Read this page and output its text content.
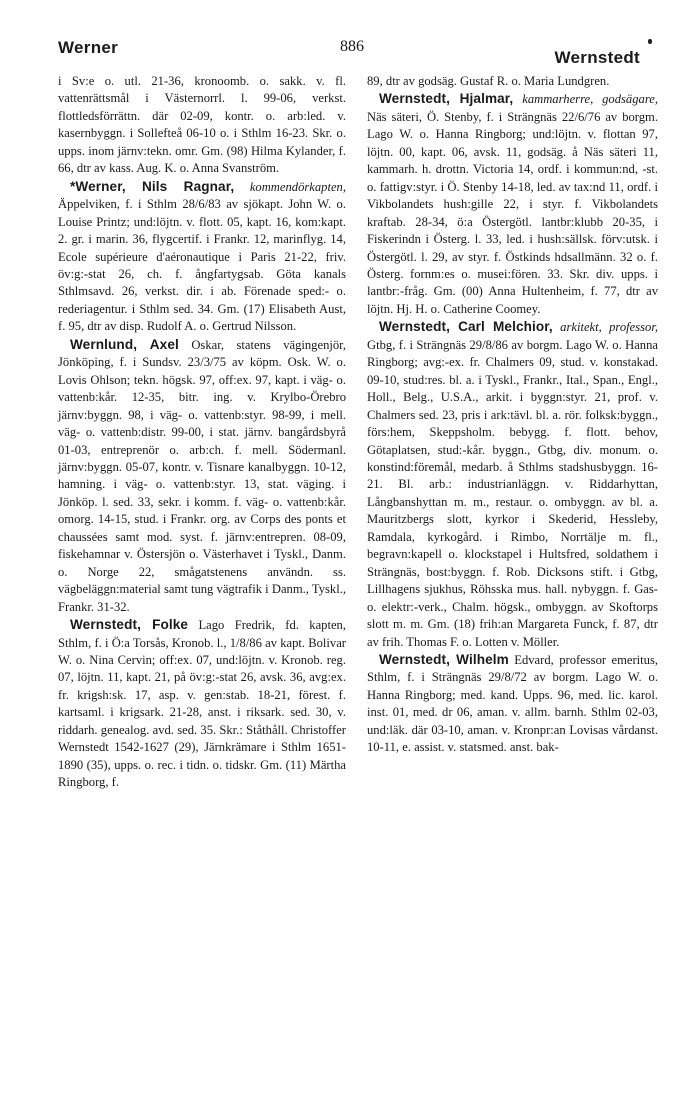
Werner	886
Wernstedt

i Sv:e o. utl. 21-36, kronoomb. o. sakk. v. fl. vattenrättsmål i Västernorrl. l. 99-06, verkst. flottledsförrättn. där 02-09, kontr. o. arb:led. v. kasernbyggn. i Sollefteå 06-10 o. i Sthlm 16-23. Skr. o. upps. inom järnv:tekn. omr. Gm. (98) Hilma Kylander, f. 66, dtr av kass. Aug. K. o. Anna Svanström.

*Werner, Nils Ragnar, kommendörkapten, Äppelviken, f. i Sthlm 28/6/83 av sjökapt. John W. o. Louise Printz; und:löjtn. v. flott. 05, kapt. 16, kom:kapt. 2. gr. i marin. 36, flygcertif. i Frankr. 12, marinflyg. 14, Ecole supérieure d'aéronautique i Paris 21-22, friv. öv:g:-stat 26, ch. f. ångfartygsab. Göta kanals Sthlmsavd. 26, verkst. dir. i ab. Förenade sped:- o. rederiagentur. i Sthlm sed. 34. Gm. (17) Elisabeth Aust, f. 95, dtr av disp. Rudolf A. o. Gertrud Nilsson.

Wernlund, Axel Oskar, statens vägingenjör, Jönköping, f. i Sundsv. 23/3/75 av köpm. Osk. W. o. Lovis Ohlson; tekn. högsk. 97, off:ex. 97, kapt. i väg- o. vattenb:kår. 12-35, bitr. ing. v. Krylbo-Örebro järnv:byggn. 98, i väg- o. vattenb:styr. 98-99, i mell. väg- o. vattenb:distr. 99-00, i stat. järnv. bangårdsbyrå 01-03, entreprenör o. arb:ch. f. mell. Södermanl. järnv:byggn. 05-07, kontr. v. Tisnare kanalbyggn. 10-12, hamning. i väg- o. vattenb:styr. 13, stat. väging. i Jönköp. l. sed. 33, sekr. i komm. f. väg- o. vattenb:kår. omorg. 14-15, stud. i Frankr. org. av Corps des ponts et chaussées samt mod. syst. f. järnv:entrepren. 08-09, fiskehamnar v. Östersjön o. Västerhavet i Tyskl., Danm. o. Norge 22, smågatstenens användn. ss. vägbeläggn:material samt tung vägtrafik i Danm., Tyskl., Frankr. 31-32.

Wernstedt, Folke Lago Fredrik, fd. kapten, Sthlm, f. i Ö:a Torsås, Kronob. l., 1/8/86 av kapt. Bolivar W. o. Nina Cervin; off:ex. 07, und:löjtn. v. Kronob. reg. 07, löjtn. 11, kapt. 21, på öv:g:-stat 26, avsk. 36, avg:ex. fr. krigsh:sk. 17, asp. v. gen:stab. 18-21, förest. f. kartsaml. i krigsark. 21-28, anst. i riksark. sed. 30, v. riddarh. genealog. avd. sed. 35. Skr.: Ståthåll. Christoffer Wernstedt 1542-1627 (29), Järnkrämare i Sthlm 1651-1890 (35), upps. o. rec. i tidn. o. tidskr. Gm. (11) Märtha Ringborg, f.

89, dtr av godsäg. Gustaf R. o. Maria Lundgren.

Wernstedt, Hjalmar, kammarherre, godsägare, Näs säteri, Ö. Stenby, f. i Strängnäs 22/6/76 av borgm. Lago W. o. Hanna Ringborg; und:löjtn. v. flottan 97, löjtn. 00, kapt. 06, avsk. 11, godsäg. å Näs säteri 11, kammarh. h. drottn. Victoria 14, ordf. i kommun:nd, -st. o. fattigv:styr. i Ö. Stenby 14-18, led. av tax:nd 11, ordf. i Vikbolandets hush:gille 22, i styr. f. Vikbolandets kraftab. 28-34, ö:a Östergötl. lantbr:klubb 20-35, i Fiskerindn i Österg. l. 33, led. i hush:sällsk. förv:utsk. i Östergötl. l. 29, av styr. f. Östkinds hdsallmänn. 32 o. f. Österg. fornm:es o. musei:fören. 33. Skr. div. upps. i lantbr:-fråg. Gm. (00) Anna Hultenheim, f. 77, dtr av löjtn. Hj. H. o. Catherine Coomey.

Wernstedt, Carl Melchior, arkitekt, professor, Gtbg, f. i Strängnäs 29/8/86 av borgm. Lago W. o. Hanna Ringborg; avg:-ex. fr. Chalmers 09, stud. v. konstakad. 09-10, stud:res. bl. a. i Tyskl., Frankr., Ital., Span., Engl., Holl., Belg., U.S.A., arkit. i byggn:styr. 21, prof. v. Chalmers sed. 23, pris i ark:tävl. bl. a. rör. folksk:byggn., förs:hem, Skeppsholm. bebygg. f. flott. behov, Götaplatsen, stud:-kår. byggn., Gtbg, div. monum. o. konstind:föremål, medarb. å Sthlms stadshusbyggn. 16-21. Bl. arb.: industrianläggn. v. Riddarhyttan, Långbanshyttan m. m., restaur. o. ombyggn. av bl. a. Mauritzbergs slott, kyrkor i Skederid, Hessleby, Ramdala, kyrkogård. i Rimbo, Norrtälje m. fl., begravn:kapell o. klockstapel i Hultsfred, soldathem i Strängnäs, bost:byggn. f. Rob. Dicksons stift. i Gtbg, Lillhagens sjukhus, Röhsska mus. hall. nybyggn. f. Gas- o. elektr:-verk., Chalm. högsk., ombyggn. av Skoftorps slott m. m. Gm. (18) frih:an Margareta Funck, f. 87, dtr av frih. Thomas F. o. Lotten v. Möller.

Wernstedt, Wilhelm Edvard, professor emeritus, Sthlm, f. i Strängnäs 29/8/72 av borgm. Lago W. o. Hanna Ringborg; med. kand. Upps. 96, med. lic. karol. inst. 01, med. dr 06, aman. v. allm. barnh. Sthlm 02-03, und:läk. där 03-10, aman. v. Kronpr:an Lovisas vårdanst. 10-11, e. assist. v. statsmed. anst. bak-
